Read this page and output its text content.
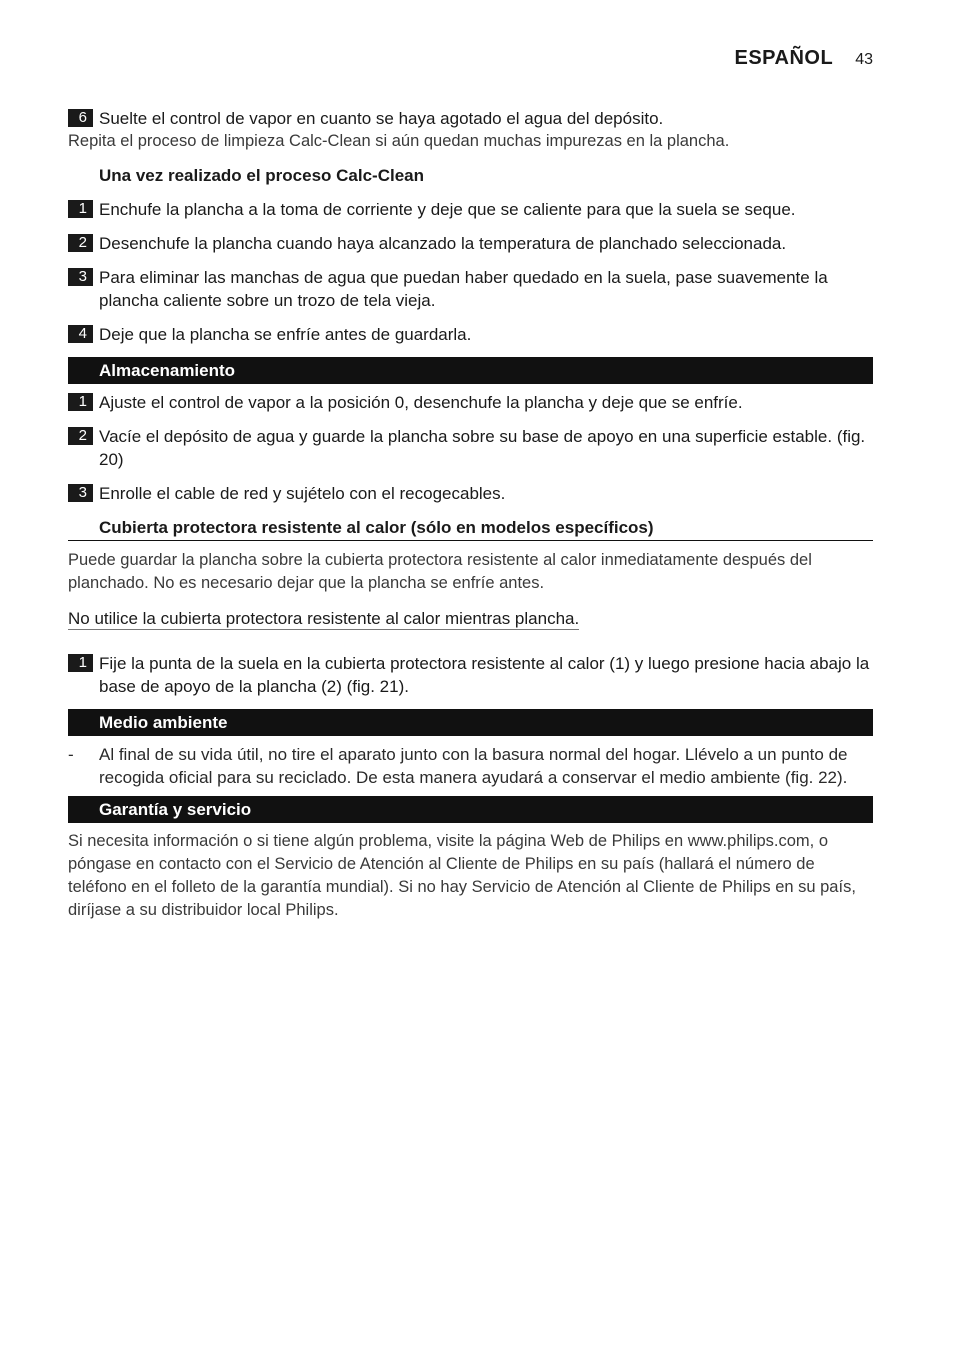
ESPAÑOL 43
6 Suelte el control de vapor en cuanto se haya agotado el agua del depósito.
Repita el proceso de limpieza Calc-Clean si aún quedan muchas impurezas en la plancha.
Una vez realizado el proceso Calc-Clean
1 Enchufe la plancha a la toma de corriente y deje que se caliente para que la suela se seque.
2 Desenchufe la plancha cuando haya alcanzado la temperatura de planchado seleccionada.
3 Para eliminar las manchas de agua que puedan haber quedado en la suela, pase suavemente la plancha caliente sobre un trozo de tela vieja.
4 Deje que la plancha se enfríe antes de guardarla.
Almacenamiento
1 Ajuste el control de vapor a la posición 0, desenchufe la plancha y deje que se enfríe.
2 Vacíe el depósito de agua y guarde la plancha sobre su base de apoyo en una superficie estable. (fig. 20)
3 Enrolle el cable de red y sujételo con el recogecables.
Cubierta protectora resistente al calor (sólo en modelos específicos)
Puede guardar la plancha sobre la cubierta protectora resistente al calor inmediatamente después del planchado. No es necesario dejar que la plancha se enfríe antes.
No utilice la cubierta protectora resistente al calor mientras plancha.
1 Fije la punta de la suela en la cubierta protectora resistente al calor (1) y luego presione hacia abajo la base de apoyo de la plancha (2) (fig. 21).
Medio ambiente
- Al final de su vida útil, no tire el aparato junto con la basura normal del hogar. Llévelo a un punto de recogida oficial para su reciclado. De esta manera ayudará a conservar el medio ambiente (fig. 22).
Garantía y servicio
Si necesita información o si tiene algún problema, visite la página Web de Philips en www.philips.com, o póngase en contacto con el Servicio de Atención al Cliente de Philips en su país (hallará el número de teléfono en el folleto de la garantía mundial). Si no hay Servicio de Atención al Cliente de Philips en su país, diríjase a su distribuidor local Philips.
